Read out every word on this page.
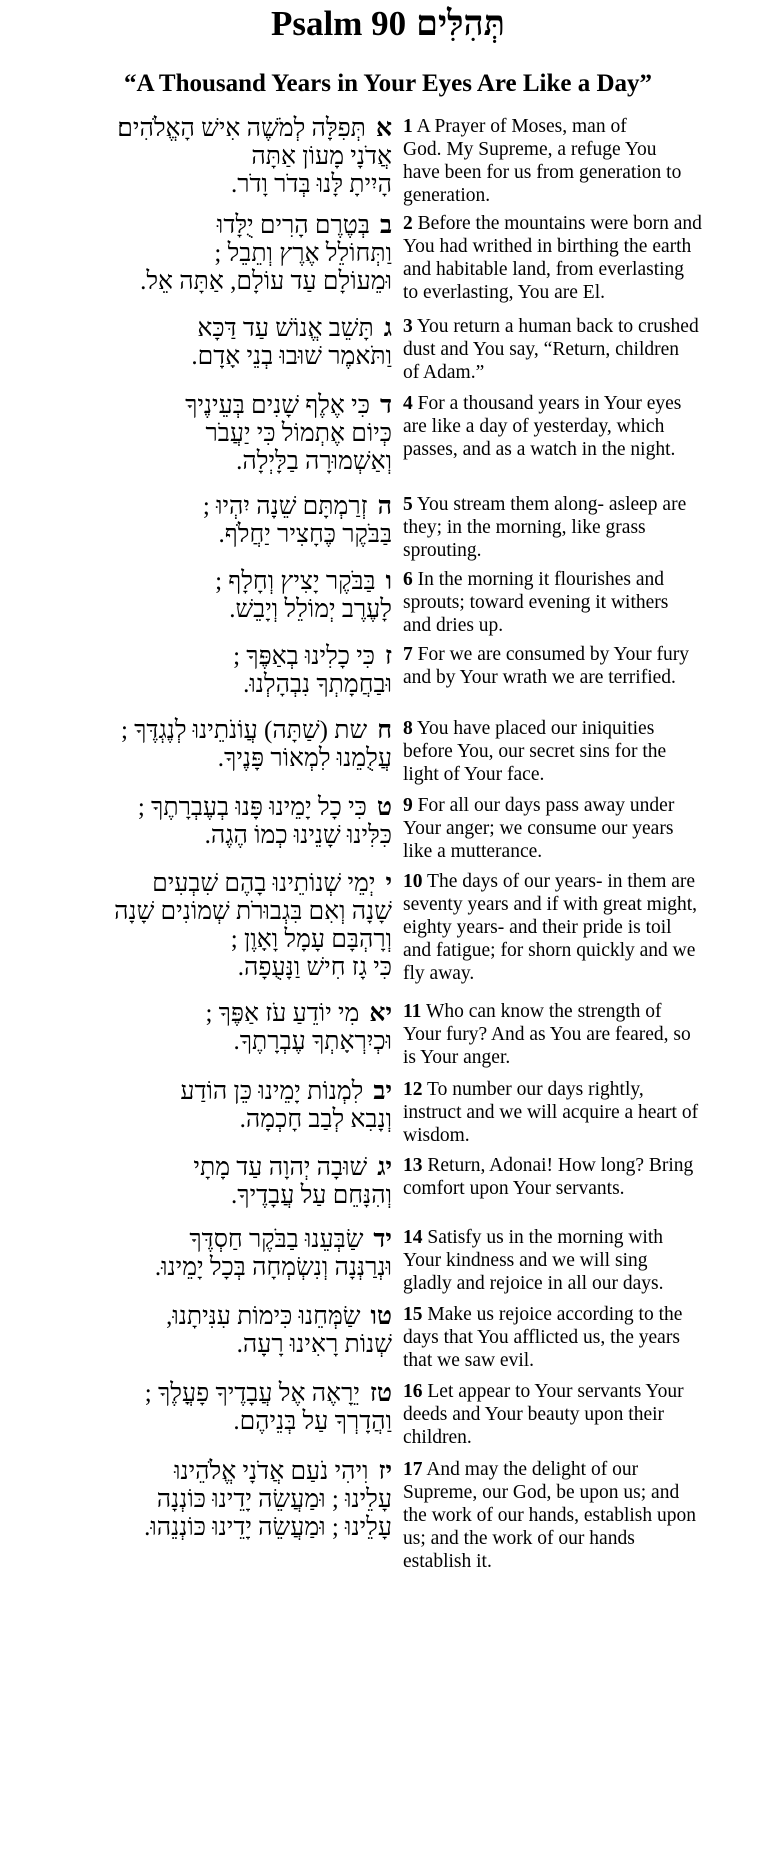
Psalm 90 תְּהִלִּים
“A Thousand Years in Your Eyes Are Like a Day”
אתְּפִלָּה לְמֹשֶׁה אִישׁ הָאֱלֹהִים׃
אֲדֹנָי מָעוֹן אַתָּה
הָיִיתָ לָּנוּ בְּדֹר וָדֹר.
1 A Prayer of Moses, man of
God. My Supreme, a refuge You
have been for us from generation to
generation.
בבְּטֶרֶם הָרִים יֻלָּדוּ
וַתְּחוֹלֵל אֶרֶץ וְתֵבֵל ;
וּמֵעוֹלָם עַד עוֹלָם, אַתָּה אֵל.
2 Before the mountains were born and
You had writhed in birthing the earth
and habitable land, from everlasting
to everlasting, You are El.
גתָּשֵׁב אֱנוֹשׁ עַד דַּכָּא
וַתֹּאמֶר שׁוּבוּ בְנֵי אָדָם.
3 You return a human back to crushed
dust and You say, “Return, children
of Adam.”
דכִּי אֶלֶף שָׁנִים בְּעֵינֶיךָ
כְּיוֹם אֶתְמוֹל כִּי יַעֲבֹר
וְאַשְׁמוּרָה בַלָּיְלָה.
4 For a thousand years in Your eyes
are like a day of yesterday, which
passes, and as a watch in the night.
הזְרַמְתָּם שֵׁנָה יִהְיוּ ;
בַּבֹּקֶר כֶּחָצִיר יַחֲלֹף.
5 You stream them along- asleep are
they; in the morning, like grass
sprouting.
ובַּבֹּקֶר יָצִיץ וְחָלָף ;
לָעֶרֶב יְמוֹלֵל וְיָבֵשׁ.
6 In the morning it flourishes and
sprouts; toward evening it withers
and dries up.
זכִּי כָלִינוּ בְאַפֶּךָ ;
וּבַחֲמָתְךָ נִבְהָלְנוּ.
7 For we are consumed by Your fury
and by Your wrath we are terrified.
חשת (שַׁתָּה) עֲוֹנֹתֵינוּ לְנֶגְדֶּךָ ;
עֲלֻמֵנוּ לִמְאוֹר פָּנֶיךָ.
8 You have placed our iniquities
before You, our secret sins for the
light of Your face.
טכִּי כָל יָמֵינוּ פָּנוּ בְעֶבְרָתֶךָ ;
כִּלִּינוּ שָׁנֵינוּ כְמוֹ הֶגֶה.
9 For all our days pass away under
Your anger; we consume our years
like a mutterance.
ייְמֵי שְׁנוֹתֵינוּ בָהֶם שִׁבְעִים
שָׁנָה וְאִם בִּגְבוּרֹת שְׁמוֹנִים שָׁנָה
וְרָהְבָּם עָמָל וָאָוֶן ;
כִּי גָז חִישׁ וַנָּעֻפָה.
10 The days of our years- in them are
seventy years and if with great might,
eighty years- and their pride is toil
and fatigue; for shorn quickly and we
fly away.
יאמִי יוֹדֵעַ עֹז אַפֶּךָ ;
וּכְיִרְאָתְךָ עֶבְרָתֶךָ.
11 Who can know the strength of
Your fury? And as You are feared, so
is Your anger.
יבלִמְנוֹת יָמֵינוּ כֵּן הוֹדַע
וְנָבִא לְבַב חָכְמָה.
12 To number our days rightly,
instruct and we will acquire a heart of
wisdom.
יגשׁוּבָה יְהוָה עַד מָתָי
וְהִנָּחֵם עַל עֲבָדֶיךָ.
13 Return, Adonai! How long? Bring
comfort upon Your servants.
ידשַׂבְּעֵנוּ בַבֹּקֶר חַסְדֶּךָ
וּנְרַנְּנָה וְנִשְׂמְחָה בְּכָל יָמֵינוּ.
14 Satisfy us in the morning with
Your kindness and we will sing
gladly and rejoice in all our days.
טושַׂמְּחֵנוּ כִּימוֹת עִנִּיתָנוּ,
שְׁנוֹת רָאִינוּ רָעָה.
15 Make us rejoice according to the
days that You afflicted us, the years
that we saw evil.
טזיֵרָאֶה אֶל עֲבָדֶיךָ פָעֳלֶךָ ;
וַהֲדָרְךָ עַל בְּנֵיהֶם.
16 Let appear to Your servants Your
deeds and Your beauty upon their
children.
יזוִיהִי נֹעַם אֲדֹנָי אֱלֹהֵינוּ
עָלֵינוּ ; וּמַעֲשֵׂה יָדֵינוּ כּוֹנְנָה
עָלֵינוּ ; וּמַעֲשֵׂה יָדֵינוּ כּוֹנְנֵהוּ.
17 And may the delight of our
Supreme, our God, be upon us; and
the work of our hands, establish upon
us; and the work of our hands
establish it.
